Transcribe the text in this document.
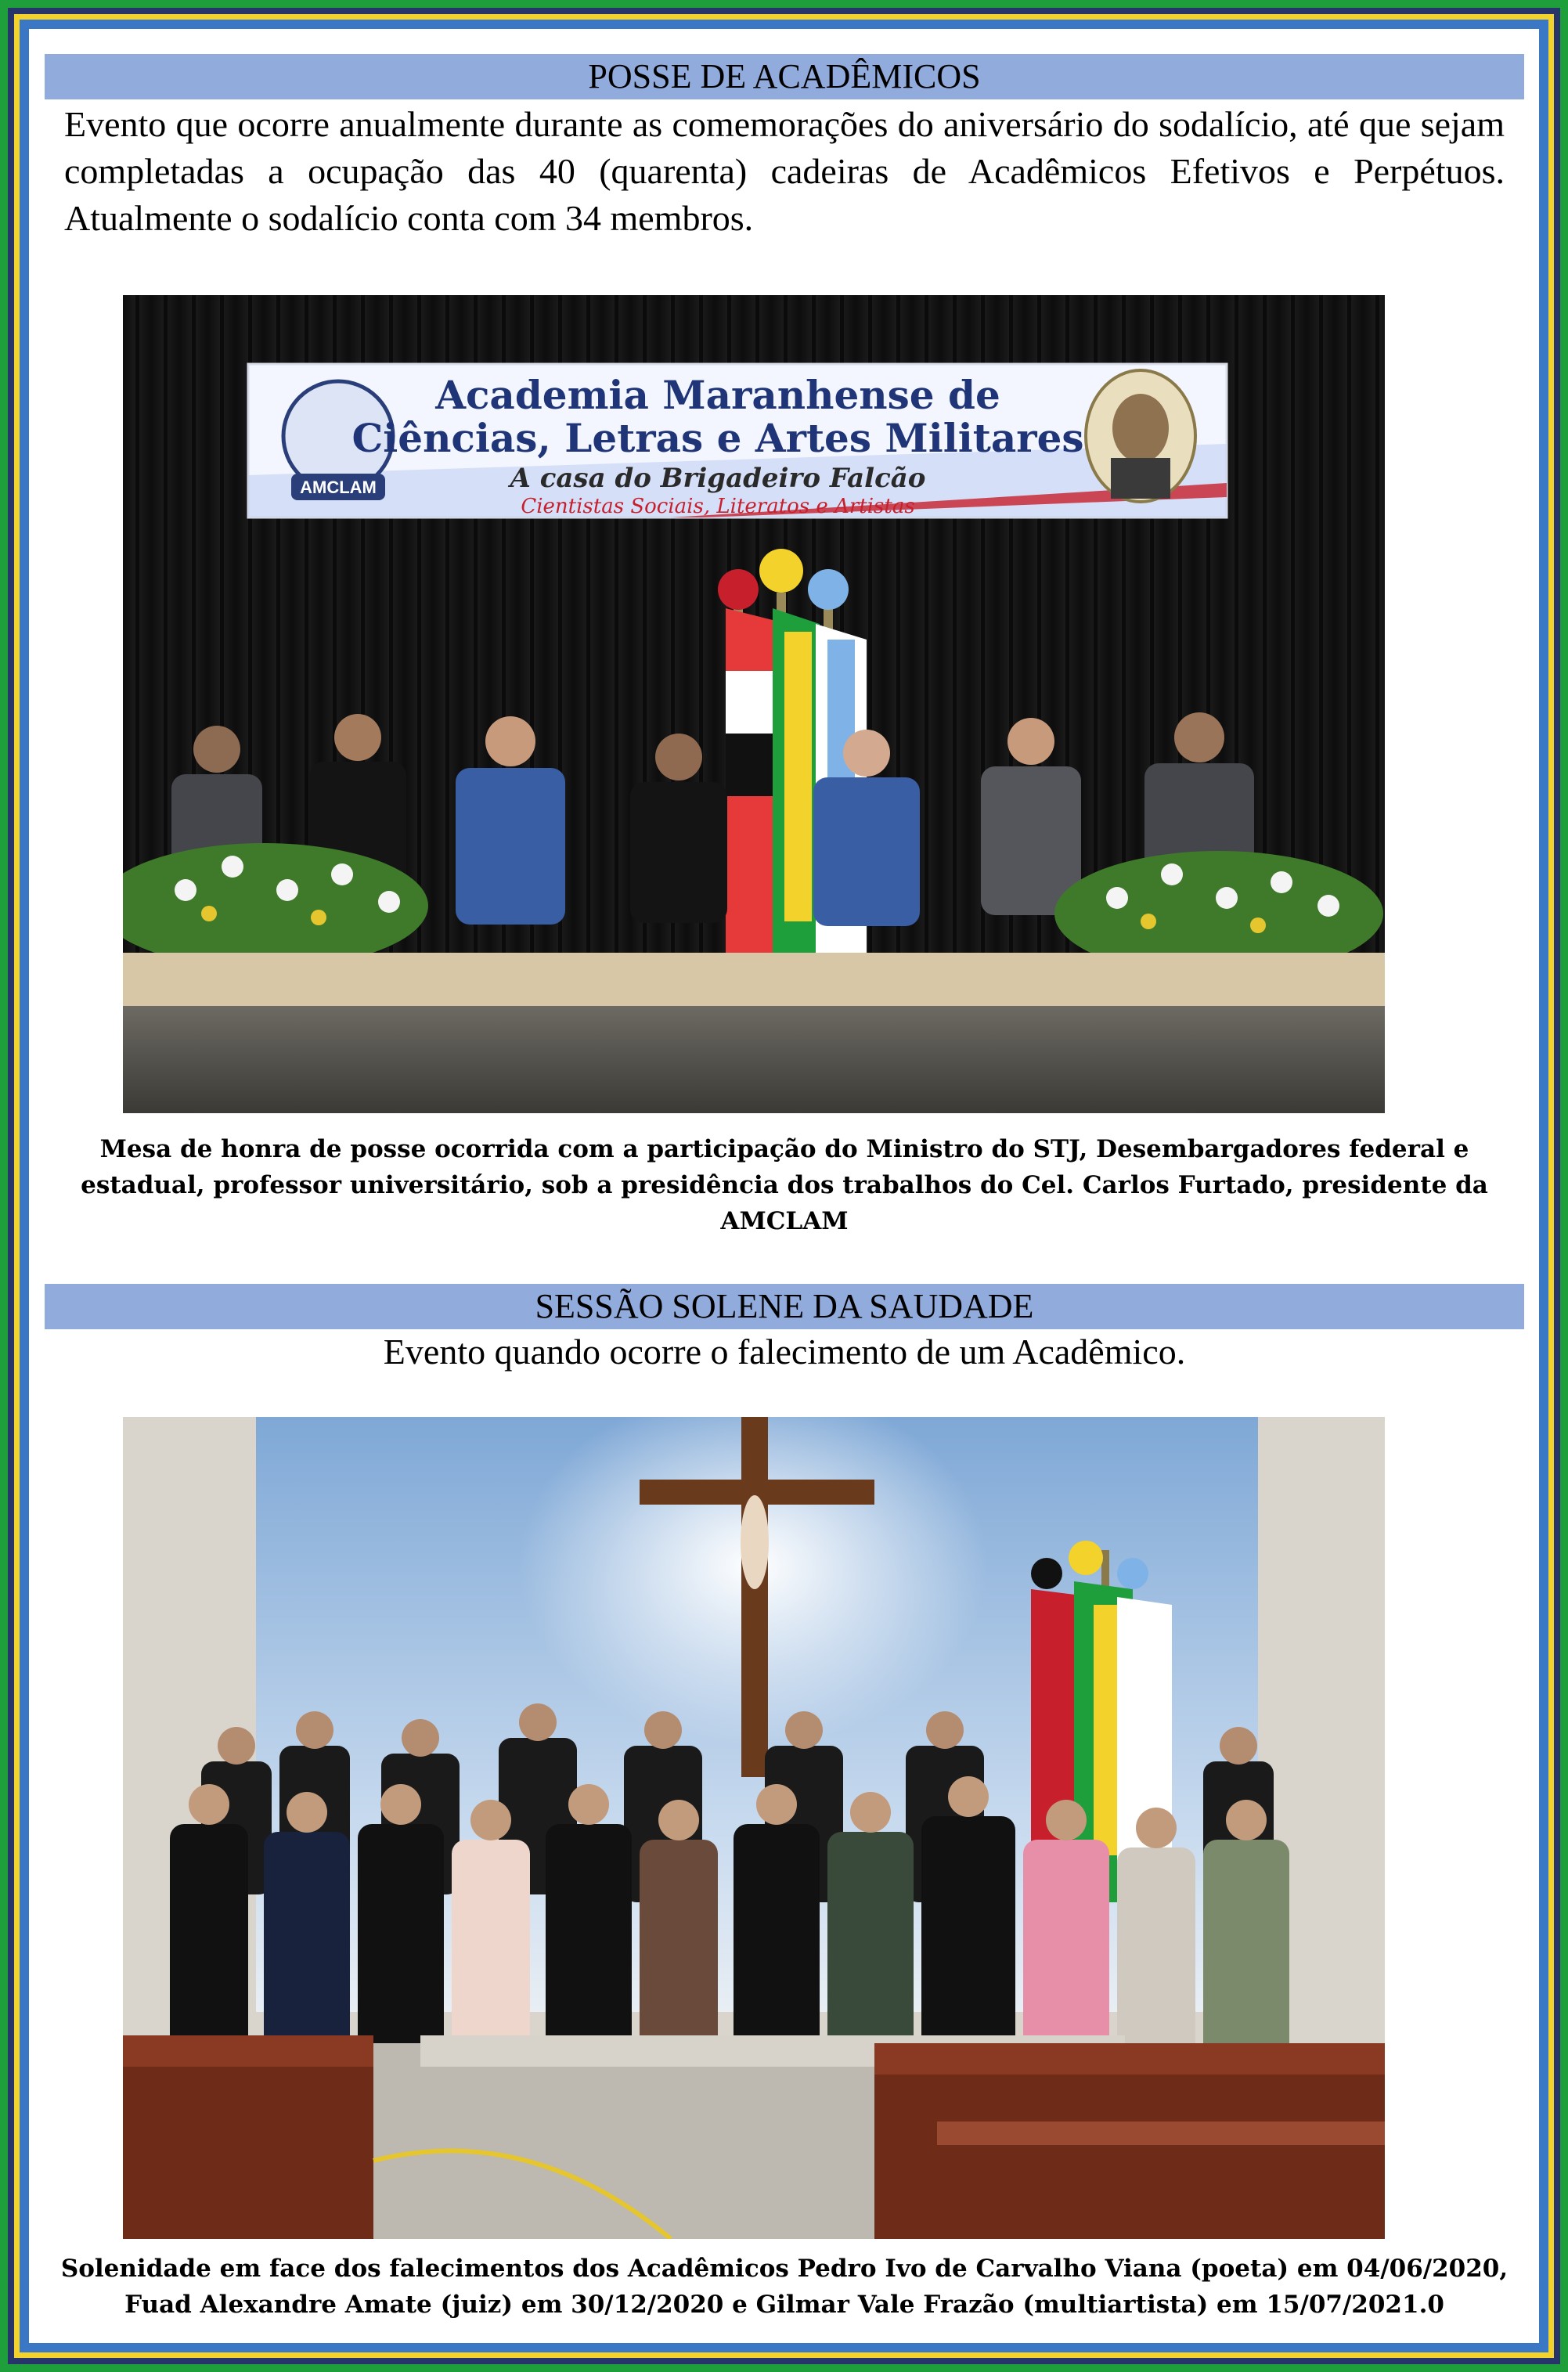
POSSE DE ACADÊMICOS
Evento que ocorre anualmente durante as comemorações do aniversário do sodalício, até que sejam completadas a ocupação das 40 (quarenta) cadeiras de Acadêmicos Efetivos e Perpétuos. Atualmente o sodalício conta com 34 membros.
AMCLAM
Academia Maranhense de
Ciências, Letras e Artes Militares
A casa do Brigadeiro Falcão
Cientistas Sociais, Literatos e Artistas
Mesa de honra de posse ocorrida com a participação do Ministro do STJ, Desembargadores federal e estadual, professor universitário, sob a presidência dos trabalhos do Cel. Carlos Furtado, presidente da AMCLAM
SESSÃO SOLENE DA SAUDADE
Evento quando ocorre o falecimento de um Acadêmico.
Solenidade em face dos falecimentos dos Acadêmicos Pedro Ivo de Carvalho Viana (poeta) em 04/06/2020, Fuad Alexandre Amate (juiz) em 30/12/2020 e Gilmar Vale Frazão (multiartista) em 15/07/2021.0
